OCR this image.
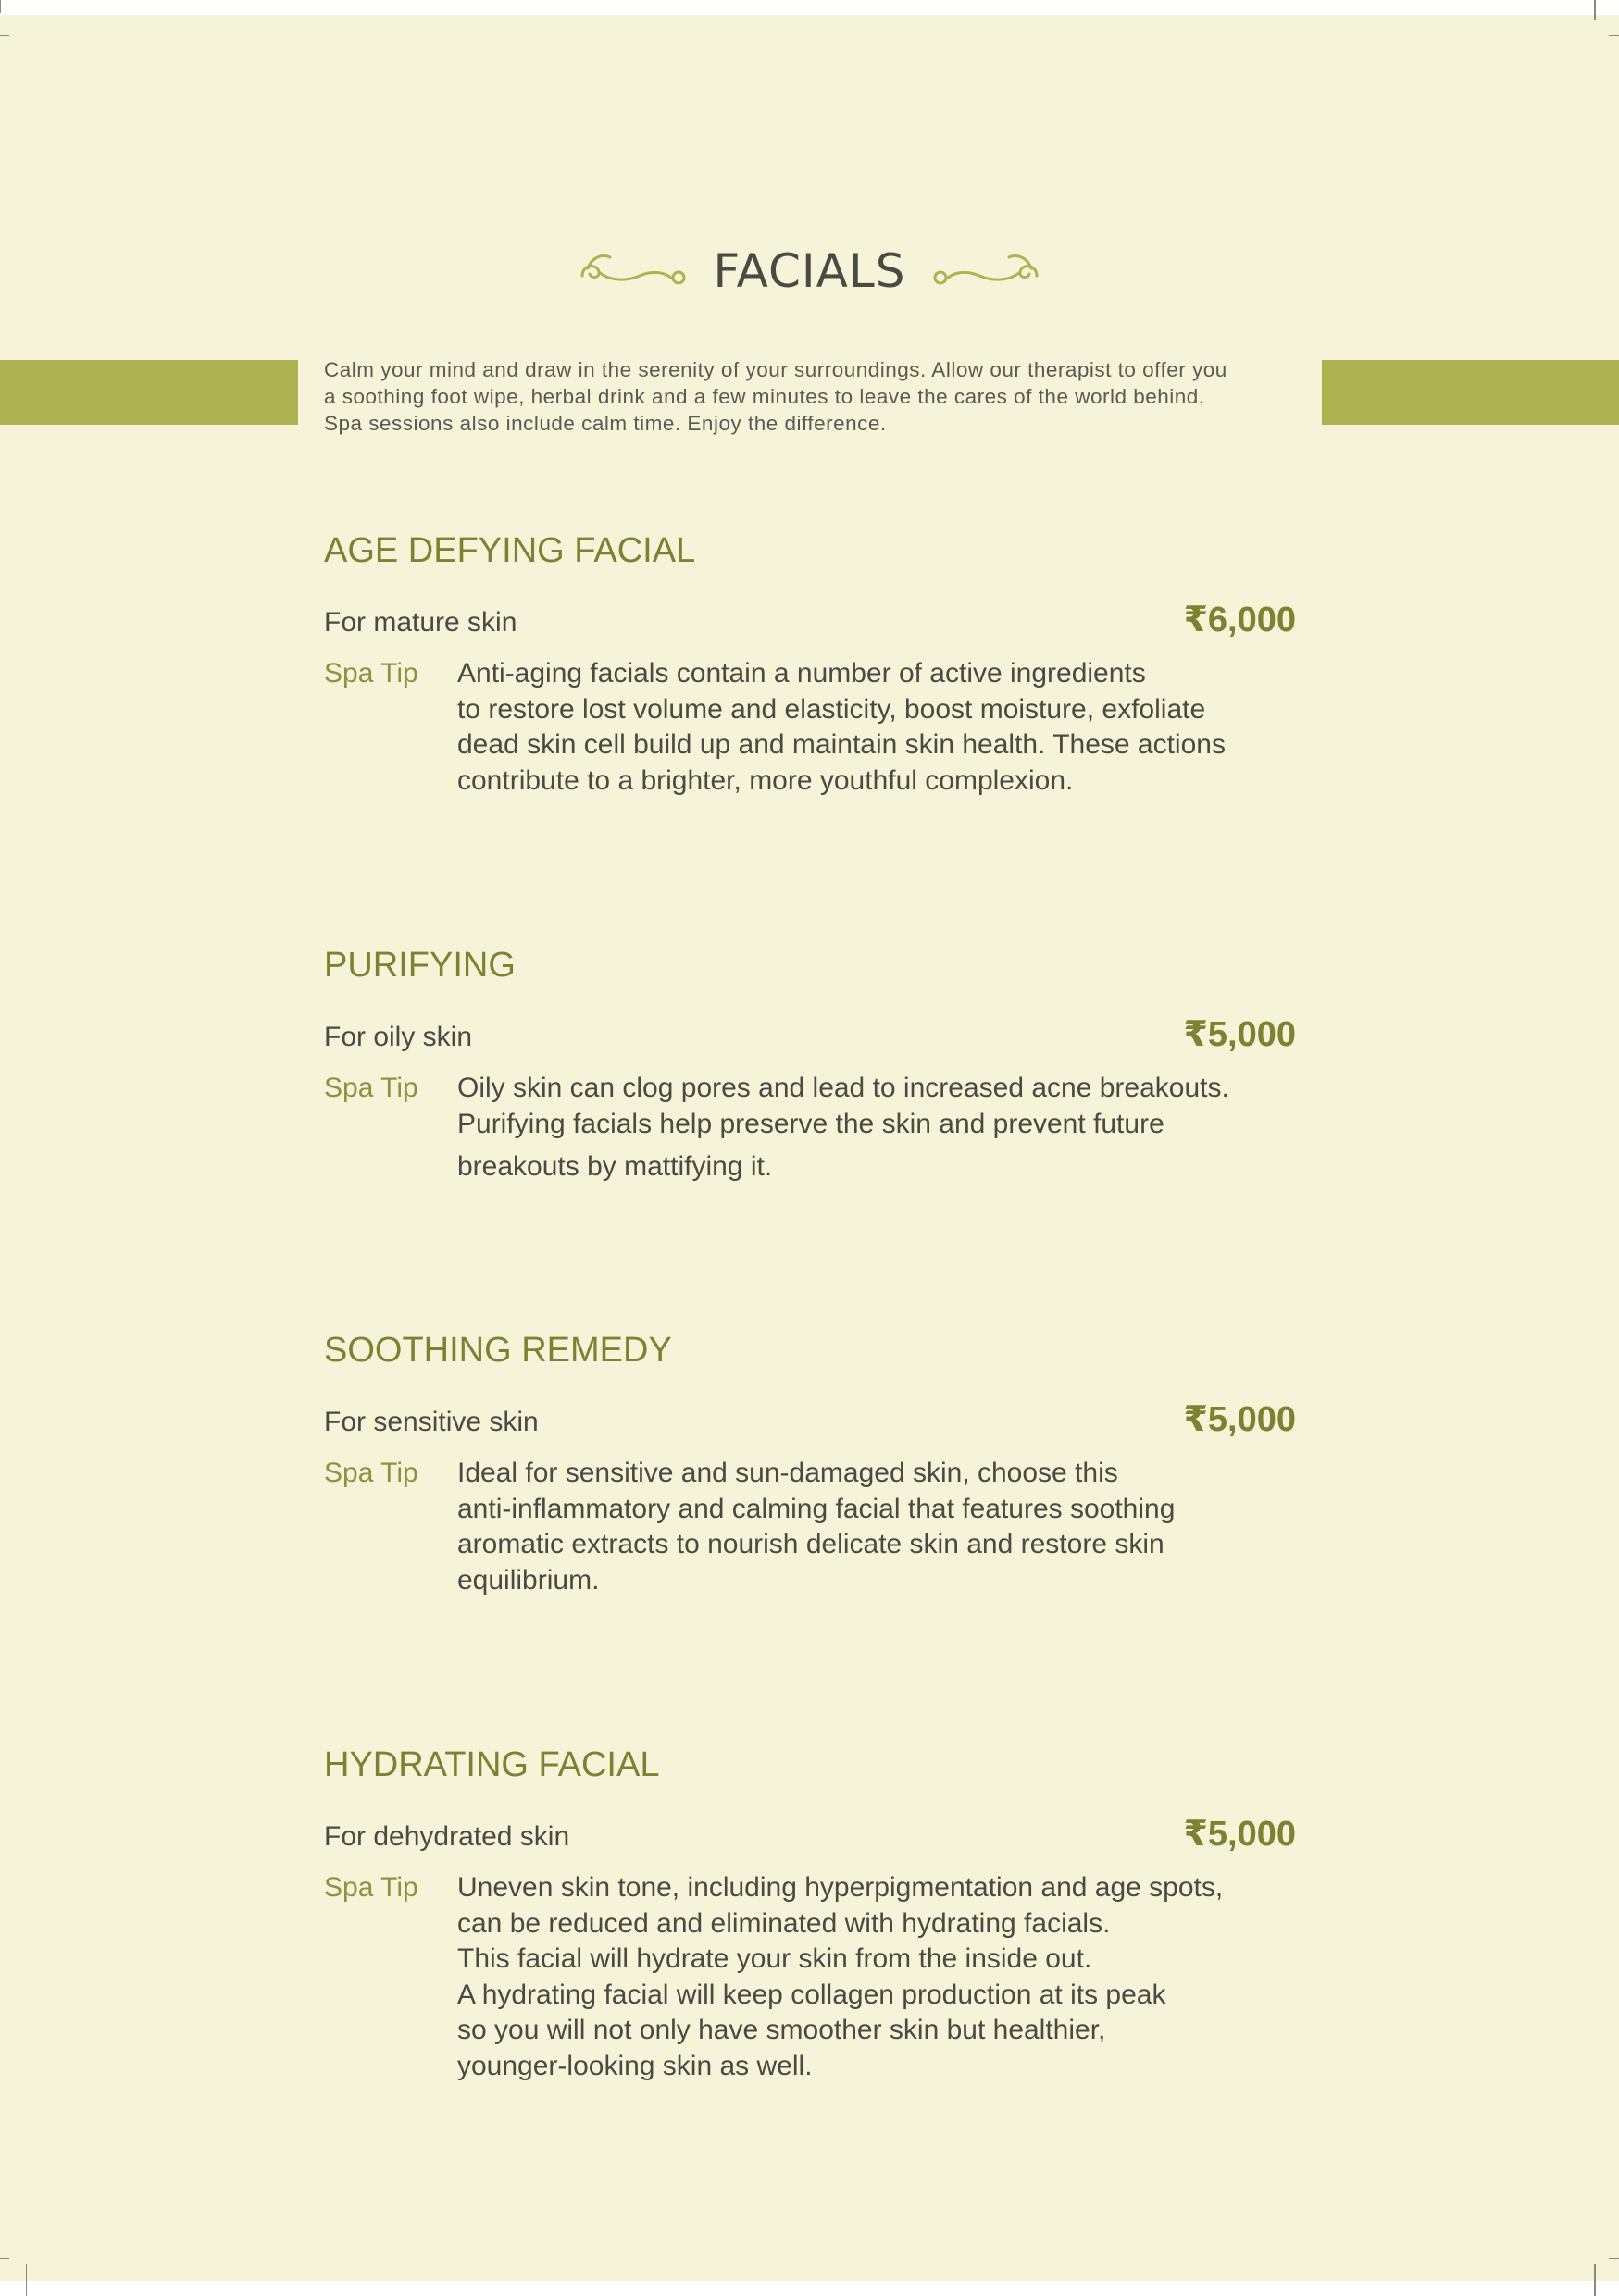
FACIALS
Calm your mind and draw in the serenity of your surroundings. Allow our therapist to offer you
a soothing foot wipe, herbal drink and a few minutes to leave the cares of the world behind.
Spa sessions also include calm time. Enjoy the difference.
AGE DEFYING FACIAL
For mature skin	₹6,000
Spa Tip	Anti-aging facials contain a number of active ingredients
to restore lost volume and elasticity, boost moisture, exfoliate
dead skin cell build up and maintain skin health. These actions
contribute to a brighter, more youthful complexion.
PURIFYING
For oily skin	₹5,000
Spa Tip	Oily skin can clog pores and lead to increased acne breakouts.
Purifying facials help preserve the skin and prevent future
breakouts by mattifying it.
SOOTHING REMEDY
For sensitive skin	₹5,000
Spa Tip	Ideal for sensitive and sun-damaged skin, choose this
anti-inflammatory and calming facial that features soothing
aromatic extracts to nourish delicate skin and restore skin
equilibrium.
HYDRATING FACIAL
For dehydrated skin	₹5,000
Spa Tip	Uneven skin tone, including hyperpigmentation and age spots,
can be reduced and eliminated with hydrating facials.
This facial will hydrate your skin from the inside out.
A hydrating facial will keep collagen production at its peak
so you will not only have smoother skin but healthier,
younger-looking skin as well.
